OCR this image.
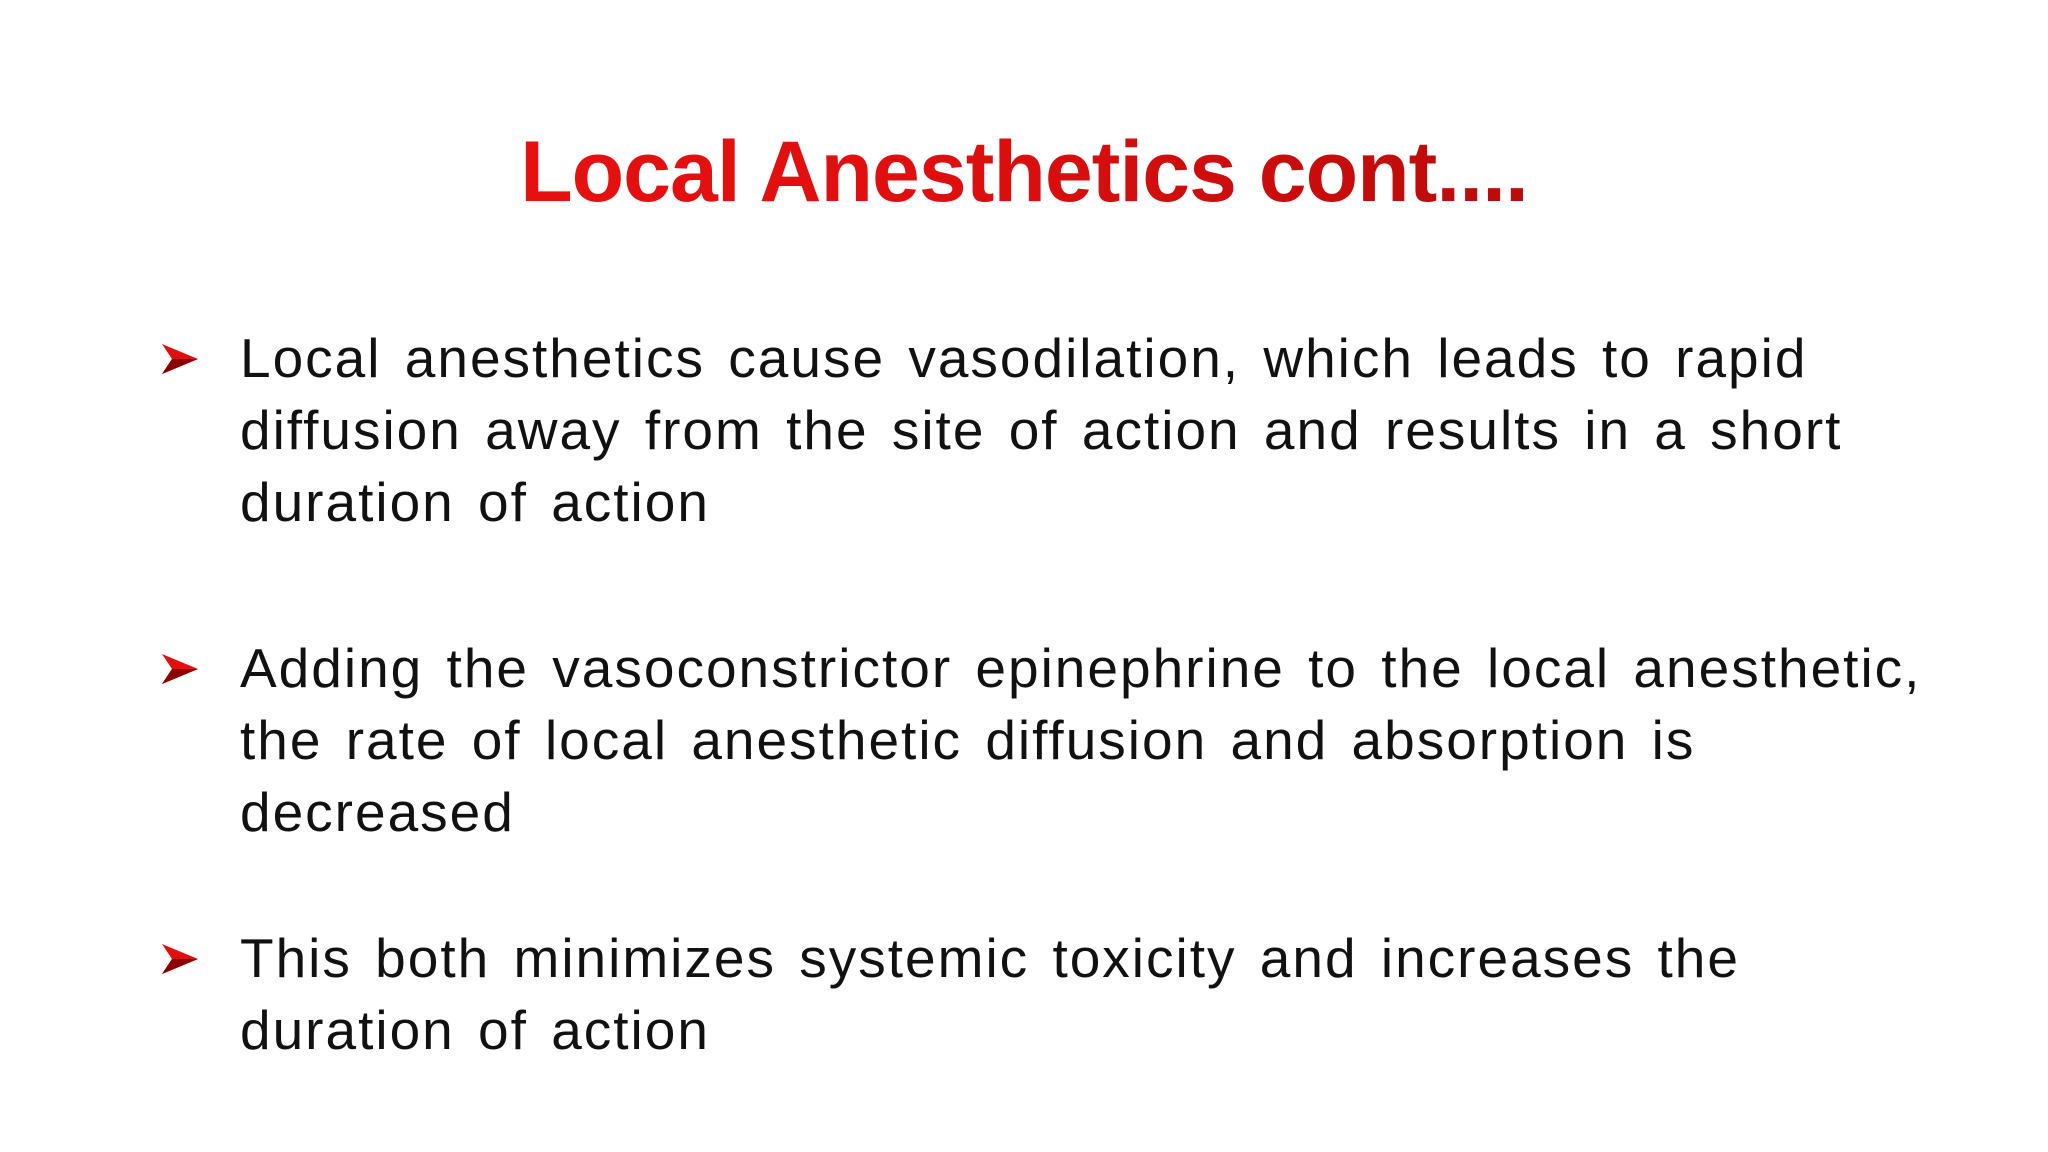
Local Anesthetics cont....

Local anesthetics cause vasodilation, which leads to rapid diffusion away from the site of action and results in a short duration of action

Adding the vasoconstrictor epinephrine to the local anesthetic, the rate of local anesthetic diffusion and absorption is decreased

This both minimizes systemic toxicity and increases the duration of action
